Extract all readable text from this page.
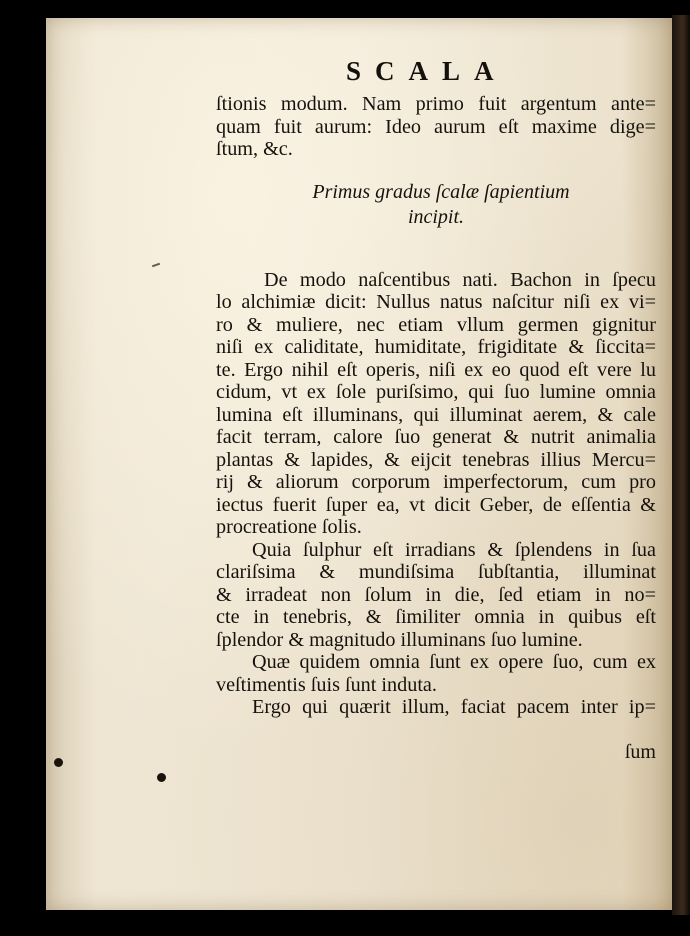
SCALA
ſtionis modum. Nam primo fuit argentum ante=
quam fuit aurum: Ideo aurum eſt maxime dige=
ſtum, &c.
Primus gradus ſcalæ ſapientium
incipit.
De modo naſcentibus nati. Bachon in ſpecu
lo alchimiæ dicit: Nullus natus naſcitur niſi ex vi=
ro & muliere, nec etiam vllum germen gignitur
niſi ex caliditate, humiditate, frigiditate & ſiccita=
te. Ergo nihil eſt operis, niſi ex eo quod eſt vere lu
cidum, vt ex ſole puriſsimo, qui ſuo lumine omnia
lumina eſt illuminans, qui illuminat aerem, & cale
facit terram, calore ſuo generat & nutrit animalia
plantas & lapides, & eijcit tenebras illius Mercu=
rij & aliorum corporum imperfectorum, cum pro
iectus fuerit ſuper ea, vt dicit Geber, de eſſentia &
procreatione ſolis.
Quia ſulphur eſt irradians & ſplendens in ſua
clariſsima & mundiſsima ſubſtantia, illuminat
& irradeat non ſolum in die, ſed etiam in no=
cte in tenebris, & ſimiliter omnia in quibus eſt
ſplendor & magnitudo illuminans ſuo lumine.
Quæ quidem omnia ſunt ex opere ſuo, cum ex
veſtimentis ſuis ſunt induta.
Ergo qui quærit illum, faciat pacem inter ip=
ſum
